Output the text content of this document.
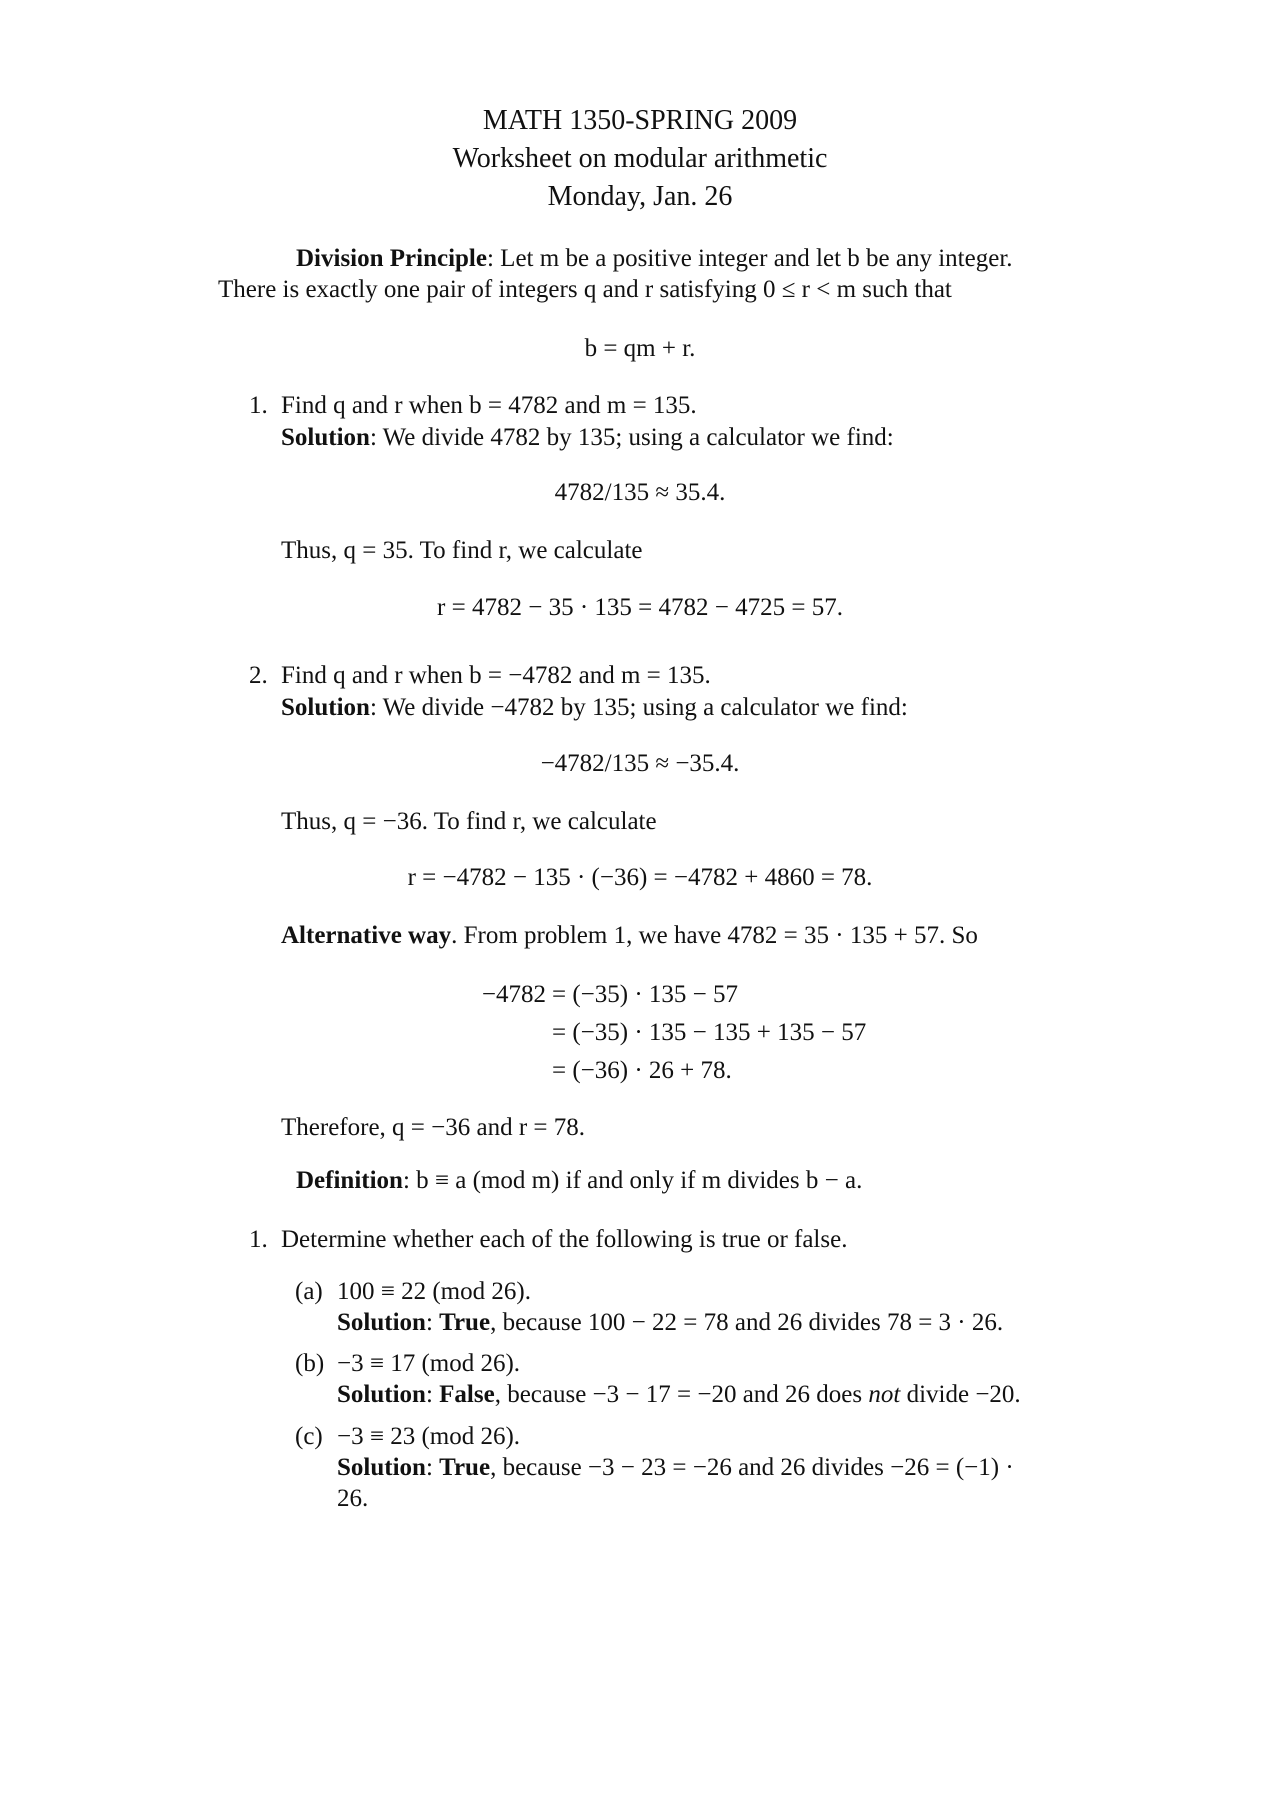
MATH 1350-SPRING 2009
Worksheet on modular arithmetic
Monday, Jan. 26
Division Principle: Let m be a positive integer and let b be any integer.
There is exactly one pair of integers q and r satisfying 0 ≤ r < m such that
b = qm + r.
1. Find q and r when b = 4782 and m = 135.
Solution: We divide 4782 by 135; using a calculator we find:
4782/135 ≈ 35.4.
Thus, q = 35. To find r, we calculate
r = 4782 − 35 · 135 = 4782 − 4725 = 57.
2. Find q and r when b = −4782 and m = 135.
Solution: We divide −4782 by 135; using a calculator we find:
−4782/135 ≈ −35.4.
Thus, q = −36. To find r, we calculate
r = −4782 − 135 · (−36) = −4782 + 4860 = 78.
Alternative way. From problem 1, we have 4782 = 35 · 135 + 57. So
−4782 = (−35) · 135 − 57
= (−35) · 135 − 135 + 135 − 57
= (−36) · 26 + 78.
Therefore, q = −36 and r = 78.
Definition: b ≡ a (mod m) if and only if m divides b − a.
1. Determine whether each of the following is true or false.
(a) 100 ≡ 22 (mod 26).
Solution: True, because 100 − 22 = 78 and 26 divides 78 = 3 · 26.
(b) −3 ≡ 17 (mod 26).
Solution: False, because −3 − 17 = −20 and 26 does not divide −20.
(c) −3 ≡ 23 (mod 26).
Solution: True, because −3 − 23 = −26 and 26 divides −26 = (−1) ·
26.
